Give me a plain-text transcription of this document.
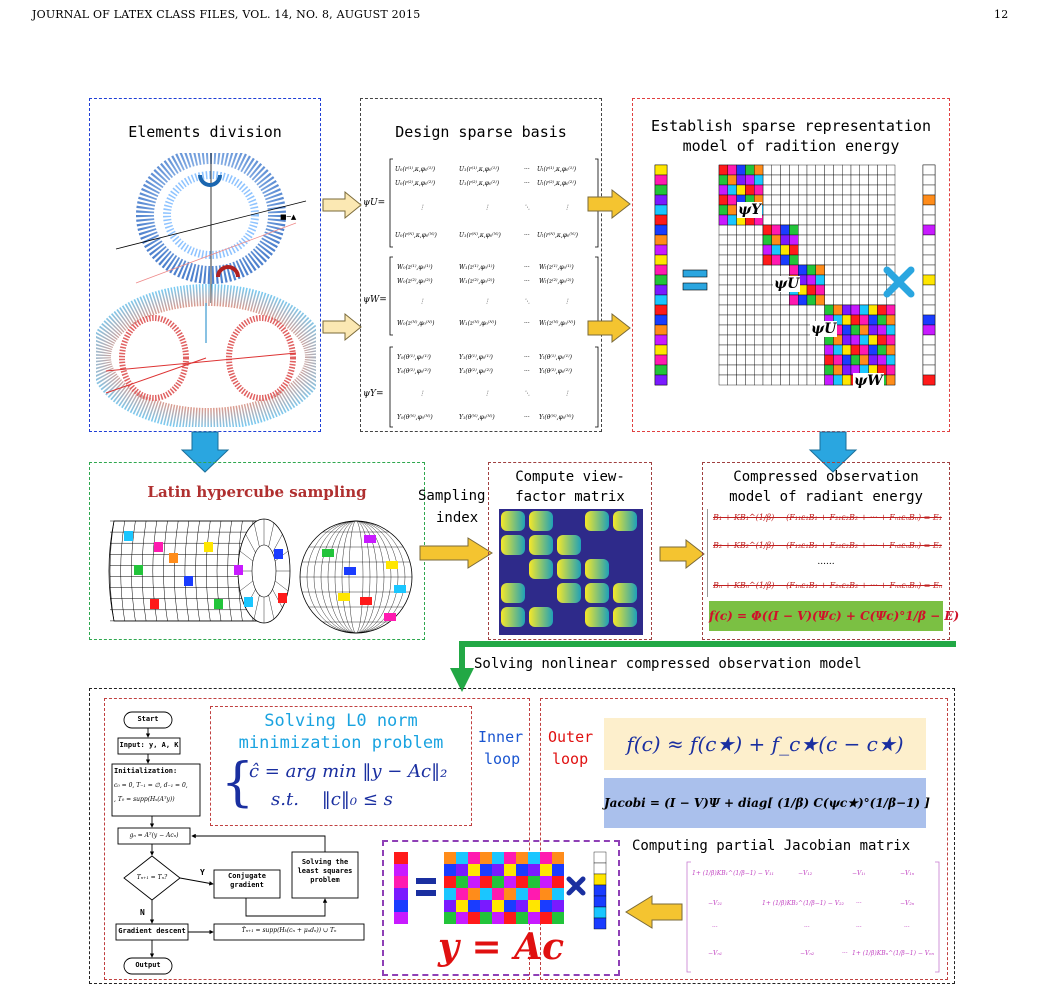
JOURNAL OF LATEX CLASS FILES, VOL. 14, NO. 8, AUGUST 2015	12
Elements division
■─▲
Design sparse basis
ψU=
U₀(r⁽¹⁾,κ,φ₀⁽¹⁾)	U₁(r⁽¹⁾,κ,φ₀⁽¹⁾)	··· Uₗ(r⁽¹⁾,κ,φ₀⁽¹⁾)
U₀(r⁽²⁾,κ,φ₀⁽²⁾)	U₁(r⁽²⁾,κ,φ₀⁽²⁾)	··· Uₗ(r⁽²⁾,κ,φ₀⁽²⁾)
⋮	⋮	⋱	⋮
U₀(r⁽ᴺ⁾,κ,φ₀⁽ᴺ⁾)	U₁(r⁽ᴺ⁾,κ,φ₀⁽ᴺ⁾)	··· Uₗ(r⁽ᴺ⁾,κ,φ₀⁽ᴺ⁾)
ψW=
W₀(z⁽¹⁾,φ₀⁽¹⁾)	W₁(z⁽¹⁾,φ₀⁽¹⁾)	··· Wₗ(z⁽¹⁾,φ₀⁽¹⁾)
W₀(z⁽²⁾,φ₀⁽²⁾)	W₁(z⁽²⁾,φ₀⁽²⁾)	··· Wₗ(z⁽²⁾,φ₀⁽²⁾)
⋮	⋮	⋱	⋮
W₀(z⁽ᴺ⁾,φ₀⁽ᴺ⁾)	W₁(z⁽ᴺ⁾,φ₀⁽ᴺ⁾)	··· Wₗ(z⁽ᴺ⁾,φ₀⁽ᴺ⁾)
ψY=
Y₀(θ⁽¹⁾,φ₀⁽¹⁾)	Y₁(θ⁽¹⁾,φ₀⁽¹⁾)	··· Yₗ(θ⁽¹⁾,φ₀⁽¹⁾)
Y₀(θ⁽²⁾,φ₀⁽²⁾)	Y₁(θ⁽²⁾,φ₀⁽²⁾)	··· Yₗ(θ⁽²⁾,φ₀⁽²⁾)
⋮	⋮	⋱	⋮
Y₀(θ⁽ᴺ⁾,φ₀⁽ᴺ⁾)	Y₁(θ⁽ᴺ⁾,φ₀⁽ᴺ⁾)	··· Yₗ(θ⁽ᴺ⁾,φ₀⁽ᴺ⁾)
Establish sparse representation
model of radition energy
ψY
ψU
ψU
ψW
Latin hypercube sampling	Sampling
index
Compute view-
factor matrix
Compressed observation
model of radiant energy
B₁ + KB₁^(1/β) − (F₁₁ε₁B₁ + F₂₁ε₂B₂ + ··· + Fₙ₁εₙBₙ) = E₁
B₂ + KB₂^(1/β) − (F₁₂ε₁B₁ + F₂₂ε₂B₂ + ··· + Fₙ₂εₙBₙ) = E₂
......
Bₙ + KBₙ^(1/β) − (F₁ₙε₁B₁ + F₂ₙε₂B₂ + ··· + FₙₙεₙBₙ) = Eₙ
f(c) = Φ((I − V)(Ψc) + C(Ψc)°1/β − E)
Solving nonlinear compressed observation model
Start
Input: y, A, K
Initialization:
c₀ = 0, T₋₁ = ∅, d₋₁ = 0,
, T₀ = supp(Hₛ(Aᵀy))
gₙ = Aᵀ(y − Acₙ)
Tₙ₊₁ = Tₙ?
Y
N
Conjugate gradient
Solving the least squares problem
Gradient descent	T̂ₙ₊₁ = supp(Hₖ(cₙ + μₙdₙ)) ∪ Tₙ
Output
Solving L0 norm
minimization problem
{
ĉ = arg min ‖y − Ac‖₂
s.t.    ‖c‖₀ ≤ s
Inner
loop
Outer
loop
f(c) ≈ f(c★) + f_c★(c − c★)
Jacobi = (I − V)Ψ + diag[ (1/β) C(ψc★)°(1/β−1) ]
Computing partial Jacobian matrix
1+ (1/β)KB₁^(1/β−1) − V₁₁	−V₁₂	−V₁ᵢ	−V₁ₙ
−V₂₁	1+ (1/β)KB₂^(1/β−1) − V₂₂ ···	−V₂ₙ
···	···	···	···
−Vₙ₁	−Vₙ₂	··· 1+ (1/β)KBₙ^(1/β−1) − Vₙₙ
y = Ac
